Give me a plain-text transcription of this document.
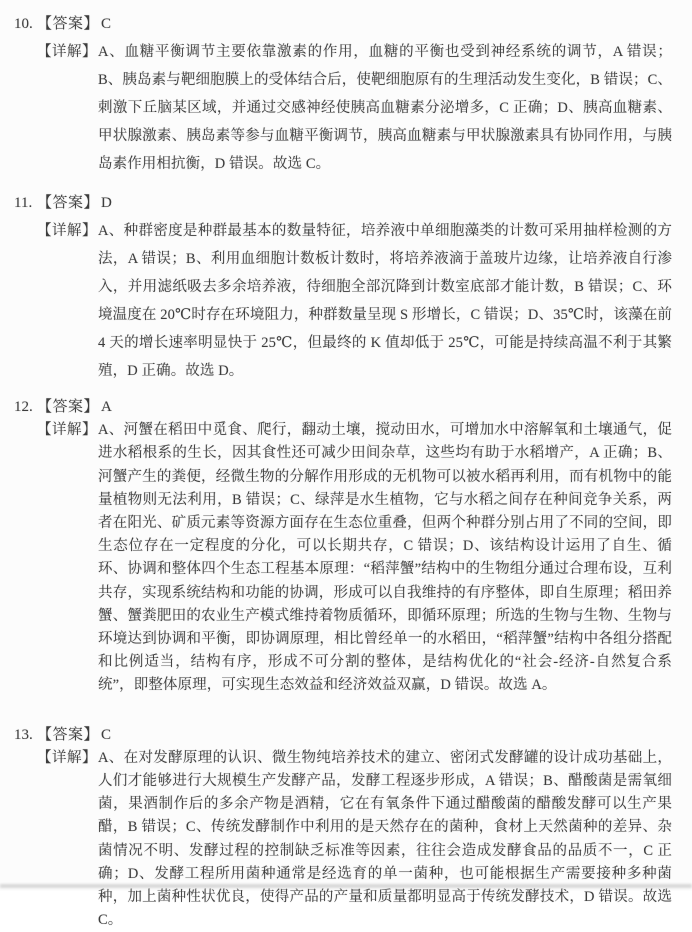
10. 【答案】 C
【详解】 A、血糖平衡调节主要依靠激素的作用，血糖的平衡也受到神经系统的调节，A 错误；B、胰岛素与靶细胞膜上的受体结合后，使靶细胞原有的生理活动发生变化，B 错误；C、刺激下丘脑某区域，并通过交感神经使胰高血糖素分泌增多，C 正确；D、胰高血糖素、甲状腺激素、胰岛素等参与血糖平衡调节，胰高血糖素与甲状腺激素具有协同作用，与胰岛素作用相抗衡，D 错误。故选 C。

11. 【答案】 D
【详解】 A、种群密度是种群最基本的数量特征，培养液中单细胞藻类的计数可采用抽样检测的方法，A 错误；B、利用血细胞计数板计数时，将培养液滴于盖玻片边缘，让培养液自行渗入，并用滤纸吸去多余培养液，待细胞全部沉降到计数室底部才能计数，B 错误；C、环境温度在 20℃时存在环境阻力，种群数量呈现 S 形增长，C 错误；D、35℃时，该藻在前 4 天的增长速率明显快于 25℃，但最终的 K 值却低于 25℃，可能是持续高温不利于其繁殖，D 正确。故选 D。

12. 【答案】 A
【详解】 A、河蟹在稻田中觅食、爬行，翻动土壤，搅动田水，可增加水中溶解氧和土壤通气，促进水稻根系的生长，因其食性还可减少田间杂草，这些均有助于水稻增产，A 正确；B、河蟹产生的粪便，经微生物的分解作用形成的无机物可以被水稻再利用，而有机物中的能量植物则无法利用，B 错误；C、绿萍是水生植物，它与水稻之间存在种间竞争关系，两者在阳光、矿质元素等资源方面存在生态位重叠，但两个种群分别占用了不同的空间，即生态位存在一定程度的分化，可以长期共存，C 错误；D、该结构设计运用了自生、循环、协调和整体四个生态工程基本原理：“稻萍蟹”结构中的生物组分通过合理布设，互利共存，实现系统结构和功能的协调，形成可以自我维持的有序整体，即自生原理；稻田养蟹、蟹粪肥田的农业生产模式维持着物质循环，即循环原理；所选的生物与生物、生物与环境达到协调和平衡，即协调原理，相比曾经单一的水稻田，“稻萍蟹”结构中各组分搭配和比例适当，结构有序，形成不可分割的整体，是结构优化的“社会-经济-自然复合系统”，即整体原理，可实现生态效益和经济效益双赢，D 错误。故选 A。

13. 【答案】 C
【详解】 A、在对发酵原理的认识、微生物纯培养技术的建立、密闭式发酵罐的设计成功基础上，人们才能够进行大规模生产发酵产品，发酵工程逐步形成，A 错误；B、醋酸菌是需氧细菌，果酒制作后的多余产物是酒精，它在有氧条件下通过醋酸菌的醋酸发酵可以生产果醋，B 错误；C、传统发酵制作中利用的是天然存在的菌种，食材上天然菌种的差异、杂菌情况不明、发酵过程的控制缺乏标准等因素，往往会造成发酵食品的品质不一，C 正确；D、发酵工程所用菌种通常是经选育的单一菌种，也可能根据生产需要接种多种菌种，加上菌种性状优良，使得产品的产量和质量都明显高于传统发酵技术，D 错误。故选 C。
